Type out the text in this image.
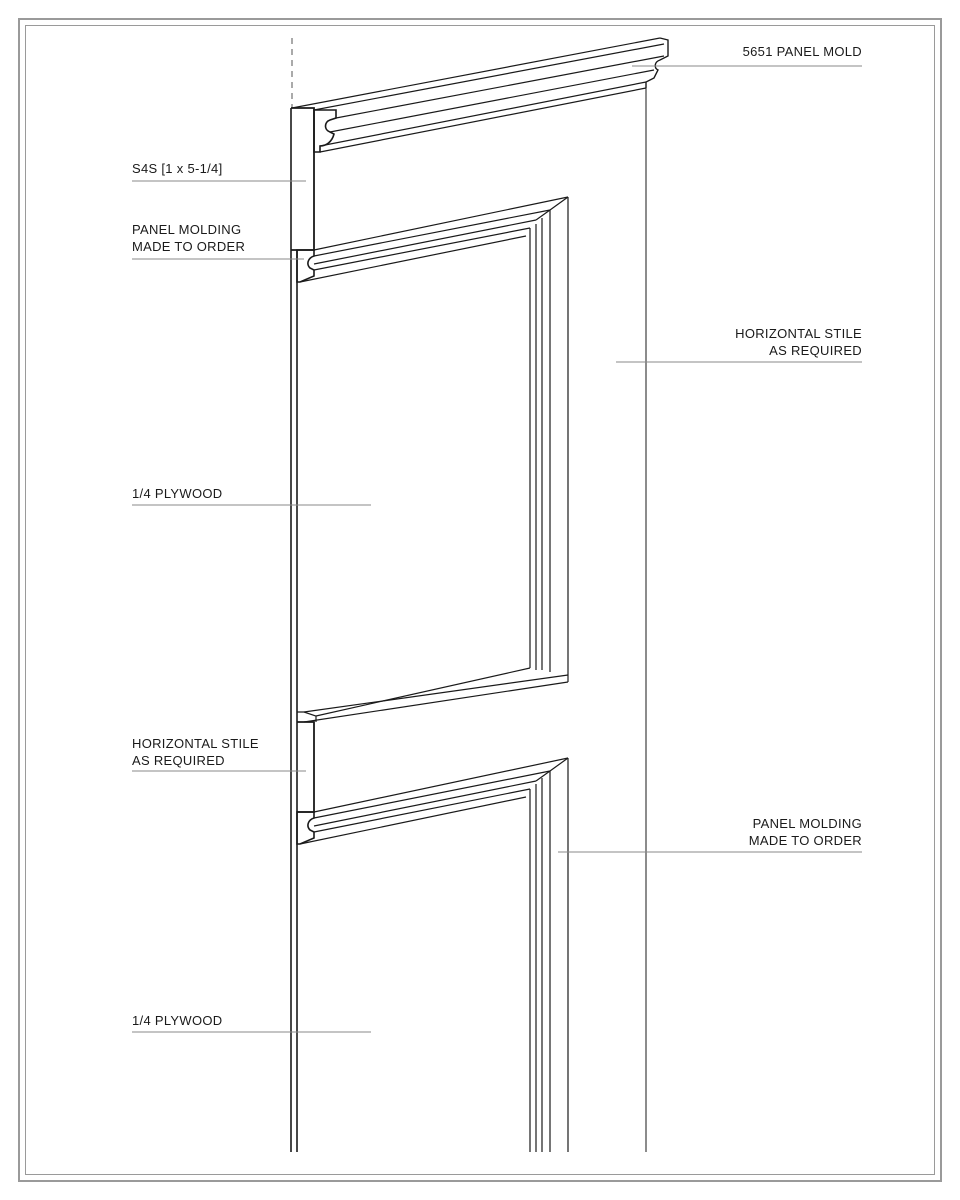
5651 PANEL MOLD
S4S [1 x 5-1/4]
PANEL MOLDING
MADE TO ORDER
HORIZONTAL STILE
AS REQUIRED
1/4 PLYWOOD
HORIZONTAL STILE
AS REQUIRED
PANEL MOLDING
MADE TO ORDER
1/4 PLYWOOD
